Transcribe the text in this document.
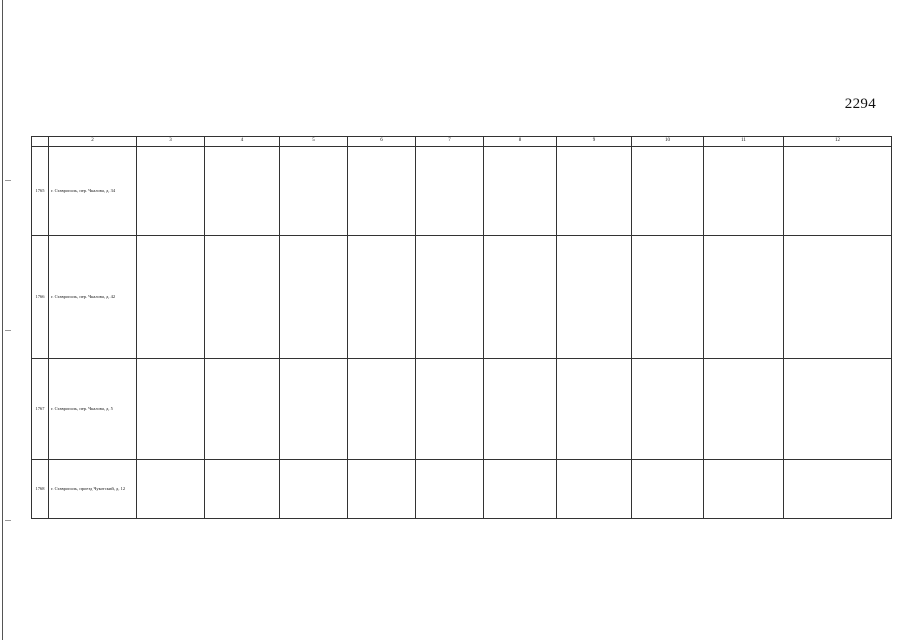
2294
	2	3	4	5	6	7	8	9	10	11	12
1765	г. Ставрополь, пер. Чкалова, д. 34										
1766	г. Ставрополь, пер. Чкалова, д. 42										
1767	г. Ставрополь, пер. Чкалова, д. 5										
1768	г. Ставрополь, проезд Чукотский, д. 12										
